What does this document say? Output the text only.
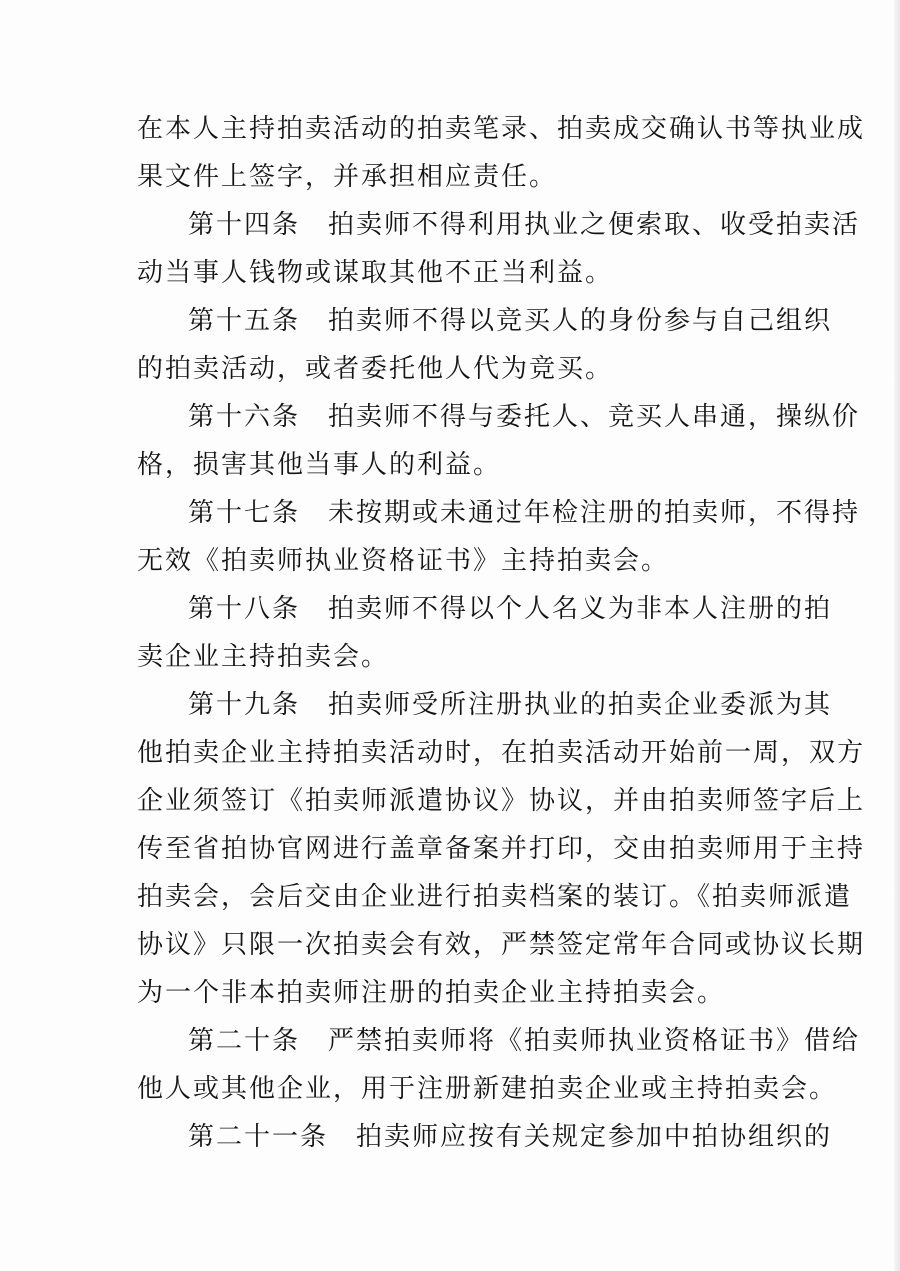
在本人主持拍卖活动的拍卖笔录、拍卖成交确认书等执业成

果文件上签字，并承担相应责任。

第十四条　拍卖师不得利用执业之便索取、收受拍卖活

动当事人钱物或谋取其他不正当利益。

第十五条　拍卖师不得以竞买人的身份参与自己组织

的拍卖活动，或者委托他人代为竞买。

第十六条　拍卖师不得与委托人、竞买人串通，操纵价

格，损害其他当事人的利益。

第十七条　未按期或未通过年检注册的拍卖师，不得持

无效《拍卖师执业资格证书》主持拍卖会。

第十八条　拍卖师不得以个人名义为非本人注册的拍

卖企业主持拍卖会。

第十九条　拍卖师受所注册执业的拍卖企业委派为其

他拍卖企业主持拍卖活动时，在拍卖活动开始前一周，双方

企业须签订《拍卖师派遣协议》协议，并由拍卖师签字后上

传至省拍协官网进行盖章备案并打印，交由拍卖师用于主持

拍卖会，会后交由企业进行拍卖档案的装订。《拍卖师派遣

协议》只限一次拍卖会有效，严禁签定常年合同或协议长期

为一个非本拍卖师注册的拍卖企业主持拍卖会。

第二十条　严禁拍卖师将《拍卖师执业资格证书》借给

他人或其他企业，用于注册新建拍卖企业或主持拍卖会。

第二十一条　拍卖师应按有关规定参加中拍协组织的
